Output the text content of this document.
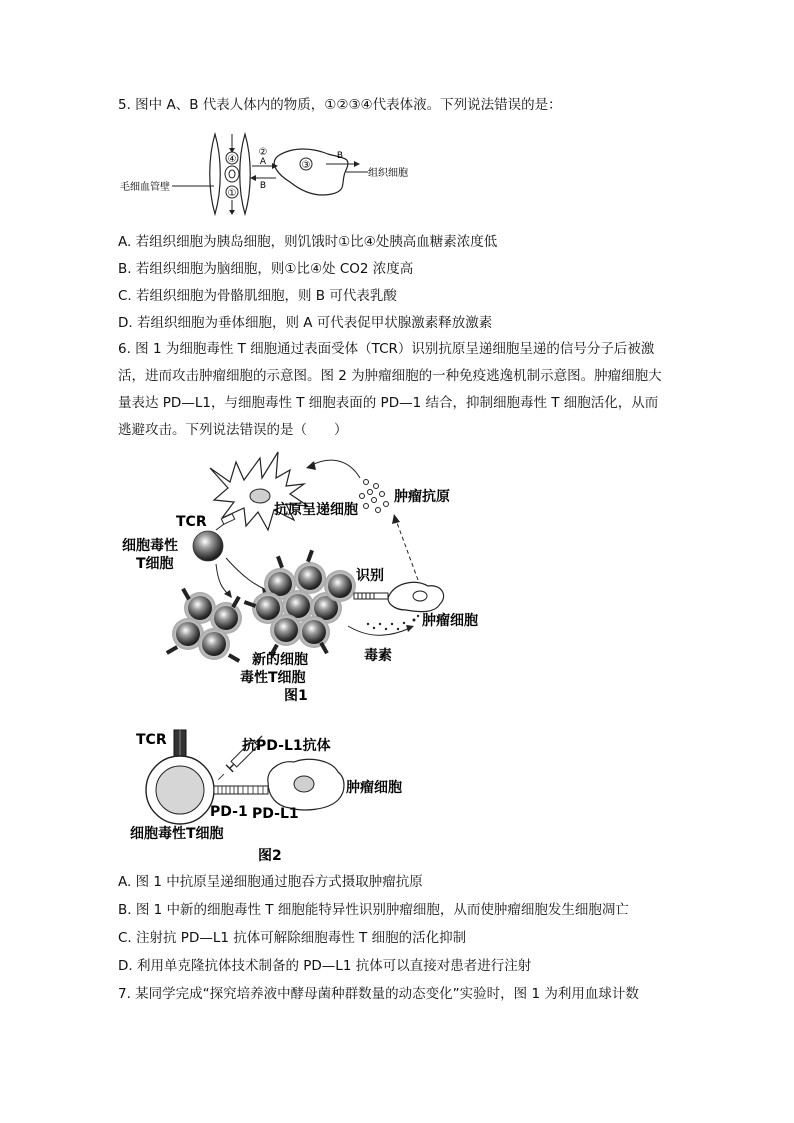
5. 图中 A、B 代表人体内的物质，①②③④代表体液。下列说法错误的是：
④
①
②
A
B
③
B
组织细胞
毛细血管壁
A. 若组织细胞为胰岛细胞，则饥饿时①比④处胰高血糖素浓度低
B. 若组织细胞为脑细胞，则①比④处 CO2 浓度高
C. 若组织细胞为骨骼肌细胞，则 B 可代表乳酸
D. 若组织细胞为垂体细胞，则 A 可代表促甲状腺激素释放激素
6. 图 1 为细胞毒性 T 细胞通过表面受体（TCR）识别抗原呈递细胞呈递的信号分子后被激
活，进而攻击肿瘤细胞的示意图。图 2 为肿瘤细胞的一种免疫逃逸机制示意图。肿瘤细胞大
量表达 PD—L1，与细胞毒性 T 细胞表面的 PD—1 结合，抑制细胞毒性 T 细胞活化，从而
逃避攻击。下列说法错误的是（　　）
抗原呈递细胞
肿瘤抗原
TCR
细胞毒性
T细胞
识别
肿瘤细胞
毒素
新的细胞
毒性T细胞
图1
TCR	抗PD-L1抗体
肿瘤细胞
PD-1 PD-L1
细胞毒性T细胞
图2
A. 图 1 中抗原呈递细胞通过胞吞方式摄取肿瘤抗原
B. 图 1 中新的细胞毒性 T 细胞能特异性识别肿瘤细胞，从而使肿瘤细胞发生细胞凋亡
C. 注射抗 PD—L1 抗体可解除细胞毒性 T 细胞的活化抑制
D. 利用单克隆抗体技术制备的 PD—L1 抗体可以直接对患者进行注射
7. 某同学完成“探究培养液中酵母菌种群数量的动态变化”实验时，图 1 为利用血球计数
